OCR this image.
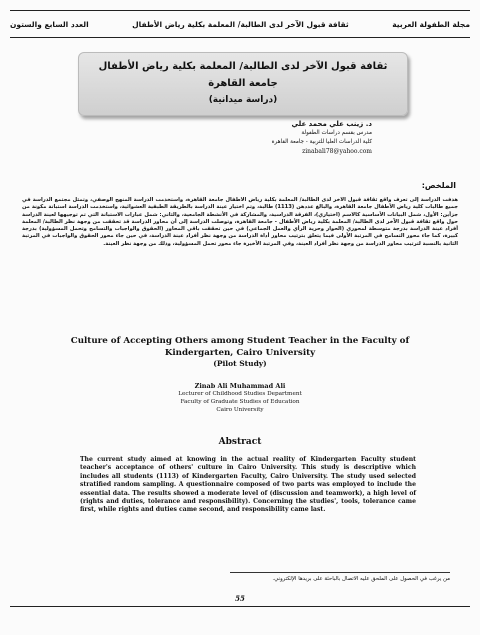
مجلة الطفولة العربية
ثقافة قبول الآخر لدى الطالبة/ المعلمة بكلية رياض الأطفال
العدد السابع والستون
ثقافة قبول الآخر لدى الطالبة/ المعلمة بكلية رياض الأطفال
جامعة القاهرة
(دراسة ميدانية)
د. زينب علي محمد علي
مدرس بقسم دراسات الطفولة
كلية الدراسات العليا للتربية - جامعة القاهرة
zinabali78@yahoo.com
الملخص:
هدفت الدراسة إلى تعرف واقع ثقافة قبول الآخر لدى الطالبة/ المعلمة بكلية رياض الأطفال جامعة القاهرة، واستخدمت الدراسة المنهج الوصفي، وتمثل مجتمع الدراسة في جميع طالبات كلية رياض الأطفال جامعة القاهرة، والبالغ عددهن (1113) طالبة، وتم اختيار عينة الدراسة بالطريقة الطبقية العشوائية، واستخدمت الدراسة استبانة مكونة من جزأين: الأول، شمل البيانات الأساسية كالاسم (اختياري)، الفرقة الدراسية، والمشاركة في الأنشطة الجامعية، والثاني: شمل عبارات الاستبانة التي تم توجيهها لعينة الدراسة حول واقع ثقافة قبول الآخر لدى الطالبة/ المعلمة بكلية رياض الأطفال - جامعة القاهرة، وتوصلت الدراسة إلى أن محاور الدراسة قد تحققت من وجهة نظر الطالبة/ المعلمة أفراد عينة الدراسة بدرجة متوسطة لمحوري (الحوار وحرية الرأي والعمل الجماعي) في حين تحققت باقي المحاور (الحقوق والواجبات والتسامح وتحمل المسؤولية) بدرجة كبيرة، كما جاء محور التسامح في المرتبة الأولى فيما يتعلق بترتيب محاور أداة الدراسة من وجهة نظر أفراد عينة الدراسة، في حين جاء محور الحقوق والواجبات في المرتبة الثانية بالنسبة لترتيب محاور الدراسة من وجهة نظر أفراد العينة، وفي المرتبة الأخيرة جاء محور تحمل المسؤولية، وذلك من وجهة نظر العينة.
Culture of Accepting Others among Student Teacher in the Faculty of
Kindergarten, Cairo University
(Pilot Study)
Zinab Ali Muhammad Ali
Lecturer of Childhood Studies Department
Faculty of Graduate Studies of Education
Cairo University
Abstract
The current study aimed at knowing in the actual reality of Kindergarten Faculty student teacher's acceptance of others' culture in Cairo University. This study is descriptive which includes all students (1113) of Kindergarten Faculty, Cairo University. The study used selected stratified random sampling. A questionnaire composed of two parts was employed to include the essential data. The results showed a moderate level of (discussion and teamwork), a high level of (rights and duties, tolerance and responsibility). Concerning the studies', tools, tolerance came first, while rights and duties came second, and responsibility came last.
من يرغب في الحصول على الملحق عليه الاتصال بالباحثة على بريدها الإلكتروني.
55
